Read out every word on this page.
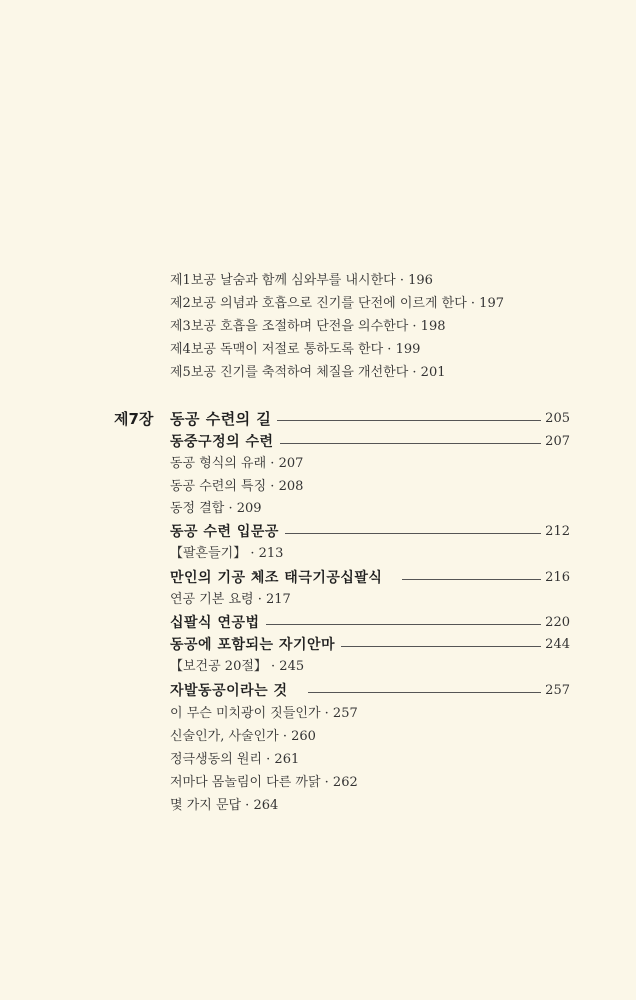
제1보공 날숨과 함께 심와부를 내시한다 · 196
제2보공 의념과 호흡으로 진기를 단전에 이르게 한다 · 197
제3보공 호흡을 조절하며 단전을 의수한다 · 198
제4보공 독맥이 저절로 통하도록 한다 · 199
제5보공 진기를 축적하여 체질을 개선한다 · 201
제7장 동공 수련의 길	205
동중구정의 수련	207
동공 형식의 유래 · 207
동공 수련의 특징 · 208
동정 결합 · 209
동공 수련 입문공	212
【팔흔들기】 · 213
만인의 기공 체조 태극기공십팔식	216
연공 기본 요령 · 217
십팔식 연공법	220
동공에 포함되는 자기안마	244
【보건공 20절】 · 245
자발동공이라는 것	257
이 무슨 미치광이 짓들인가 · 257
신술인가, 사술인가 · 260
정극생동의 원리 · 261
저마다 몸놀림이 다른 까닭 · 262
몇 가지 문답 · 264
